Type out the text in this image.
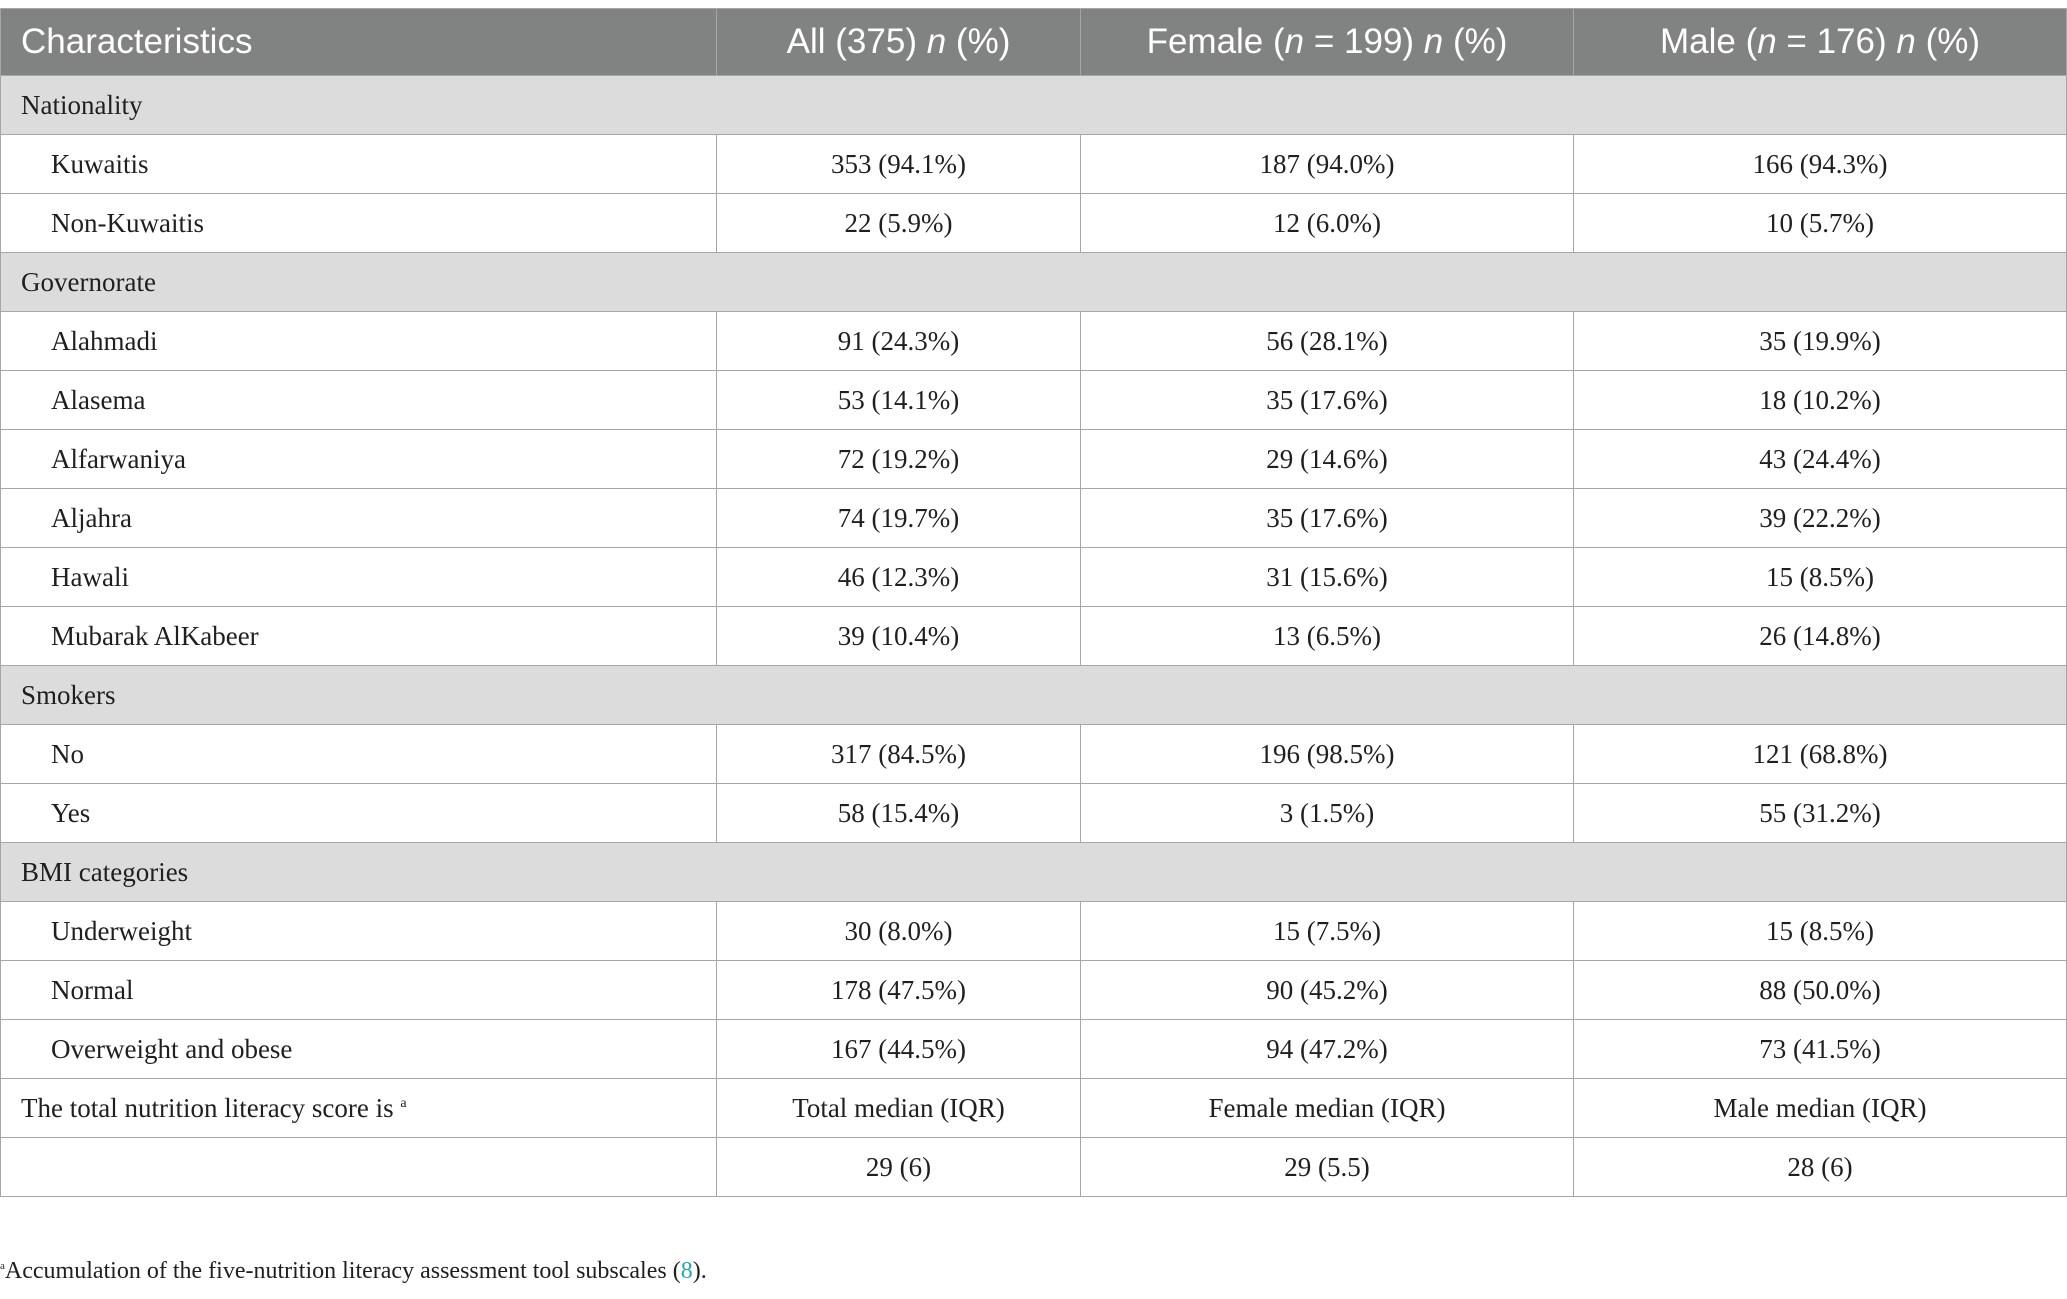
Characteristics	All (375) n (%)	Female (n = 199) n (%)	Male (n = 176) n (%)
Nationality			
Kuwaitis	353 (94.1%)	187 (94.0%)	166 (94.3%)
Non-Kuwaitis	22 (5.9%)	12 (6.0%)	10 (5.7%)
Governorate			
Alahmadi	91 (24.3%)	56 (28.1%)	35 (19.9%)
Alasema	53 (14.1%)	35 (17.6%)	18 (10.2%)
Alfarwaniya	72 (19.2%)	29 (14.6%)	43 (24.4%)
Aljahra	74 (19.7%)	35 (17.6%)	39 (22.2%)
Hawali	46 (12.3%)	31 (15.6%)	15 (8.5%)
Mubarak AlKabeer	39 (10.4%)	13 (6.5%)	26 (14.8%)
Smokers			
No	317 (84.5%)	196 (98.5%)	121 (68.8%)
Yes	58 (15.4%)	3 (1.5%)	55 (31.2%)
BMI categories			
Underweight	30 (8.0%)	15 (7.5%)	15 (8.5%)
Normal	178 (47.5%)	90 (45.2%)	88 (50.0%)
Overweight and obese	167 (44.5%)	94 (47.2%)	73 (41.5%)
The total nutrition literacy score is $^a$	Total median (IQR)	Female median (IQR)	Male median (IQR)
	29 (6)	29 (5.5)	28 (6)
$^a$Accumulation of the five-nutrition literacy assessment tool subscales (8).
